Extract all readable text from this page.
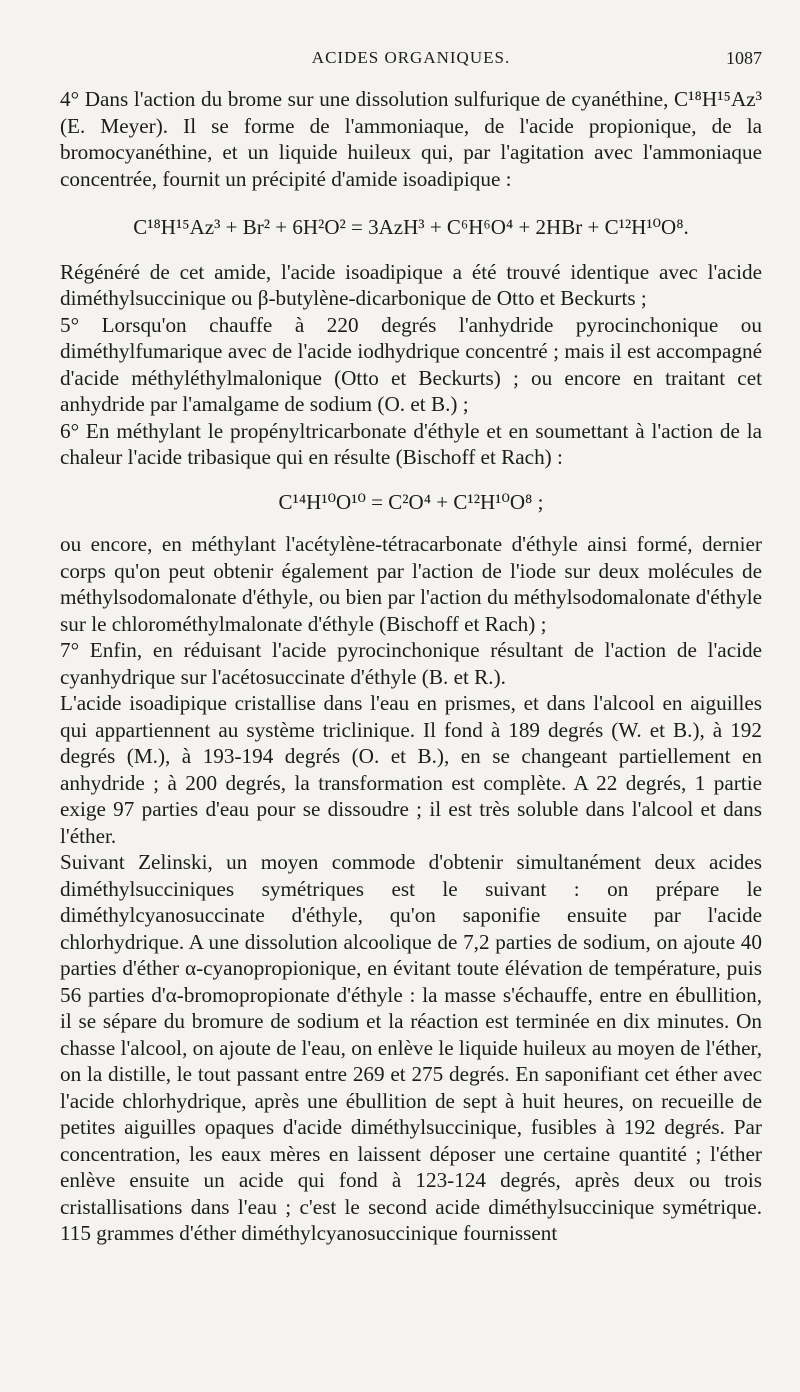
ACIDES ORGANIQUES.	1087

4° Dans l'action du brome sur une dissolution sulfurique de cyanéthine, C¹⁸H¹⁵Az³ (E. Meyer). Il se forme de l'ammoniaque, de l'acide propionique, de la bromocyanéthine, et un liquide huileux qui, par l'agitation avec l'ammoniaque concentrée, fournit un précipité d'amide isoadipique :

C¹⁸H¹⁵Az³ + Br² + 6H²O² = 3AzH³ + C⁶H⁶O⁴ + 2HBr + C¹²H¹⁰O⁸.

Régénéré de cet amide, l'acide isoadipique a été trouvé identique avec l'acide diméthylsuccinique ou β-butylène-dicarbonique de Otto et Beckurts ;

5° Lorsqu'on chauffe à 220 degrés l'anhydride pyrocinchonique ou diméthylfumarique avec de l'acide iodhydrique concentré ; mais il est accompagné d'acide méthyléthylmalonique (Otto et Beckurts) ; ou encore en traitant cet anhydride par l'amalgame de sodium (O. et B.) ;

6° En méthylant le propényltricarbonate d'éthyle et en soumettant à l'action de la chaleur l'acide tribasique qui en résulte (Bischoff et Rach) :

C¹⁴H¹⁰O¹⁰ = C²O⁴ + C¹²H¹⁰O⁸ ;

ou encore, en méthylant l'acétylène-tétracarbonate d'éthyle ainsi formé, dernier corps qu'on peut obtenir également par l'action de l'iode sur deux molécules de méthylsodomalonate d'éthyle, ou bien par l'action du méthylsodomalonate d'éthyle sur le chlorométhylmalonate d'éthyle (Bischoff et Rach) ;

7° Enfin, en réduisant l'acide pyrocinchonique résultant de l'action de l'acide cyanhydrique sur l'acétosuccinate d'éthyle (B. et R.).

L'acide isoadipique cristallise dans l'eau en prismes, et dans l'alcool en aiguilles qui appartiennent au système triclinique. Il fond à 189 degrés (W. et B.), à 192 degrés (M.), à 193-194 degrés (O. et B.), en se changeant partiellement en anhydride ; à 200 degrés, la transformation est complète. A 22 degrés, 1 partie exige 97 parties d'eau pour se dissoudre ; il est très soluble dans l'alcool et dans l'éther.

Suivant Zelinski, un moyen commode d'obtenir simultanément deux acides diméthylsucciniques symétriques est le suivant : on prépare le diméthylcyanosuccinate d'éthyle, qu'on saponifie ensuite par l'acide chlorhydrique. A une dissolution alcoolique de 7,2 parties de sodium, on ajoute 40 parties d'éther α-cyanopropionique, en évitant toute élévation de température, puis 56 parties d'α-bromopropionate d'éthyle : la masse s'échauffe, entre en ébullition, il se sépare du bromure de sodium et la réaction est terminée en dix minutes. On chasse l'alcool, on ajoute de l'eau, on enlève le liquide huileux au moyen de l'éther, on la distille, le tout passant entre 269 et 275 degrés. En saponifiant cet éther avec l'acide chlorhydrique, après une ébullition de sept à huit heures, on recueille de petites aiguilles opaques d'acide diméthylsuccinique, fusibles à 192 degrés. Par concentration, les eaux mères en laissent déposer une certaine quantité ; l'éther enlève ensuite un acide qui fond à 123-124 degrés, après deux ou trois cristallisations dans l'eau ; c'est le second acide diméthylsuccinique symétrique. 115 grammes d'éther diméthylcyanosuccinique fournissent
